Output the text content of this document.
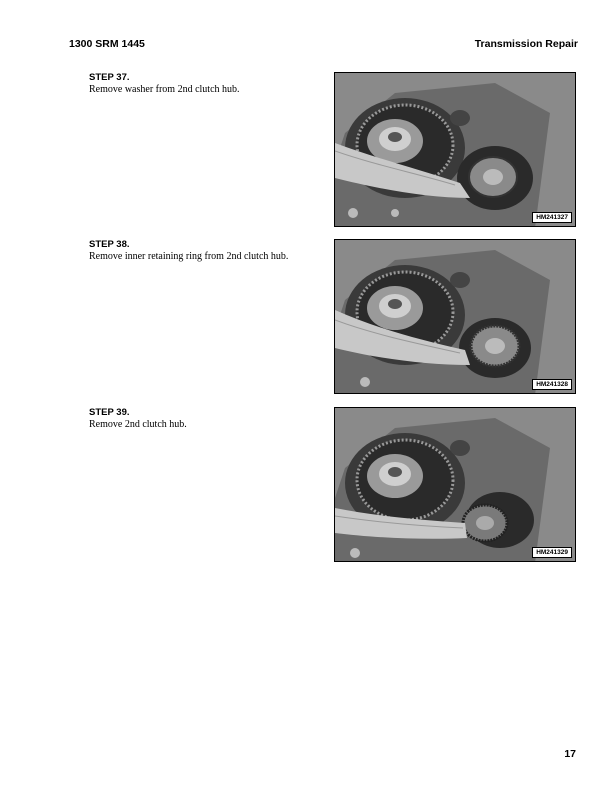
1300 SRM 1445	Transmission Repair

STEP 37.

Remove washer from 2nd clutch hub.

HM241327

STEP 38.

Remove inner retaining ring from 2nd clutch hub.

HM241328

STEP 39.

Remove 2nd clutch hub.

HM241329
17
